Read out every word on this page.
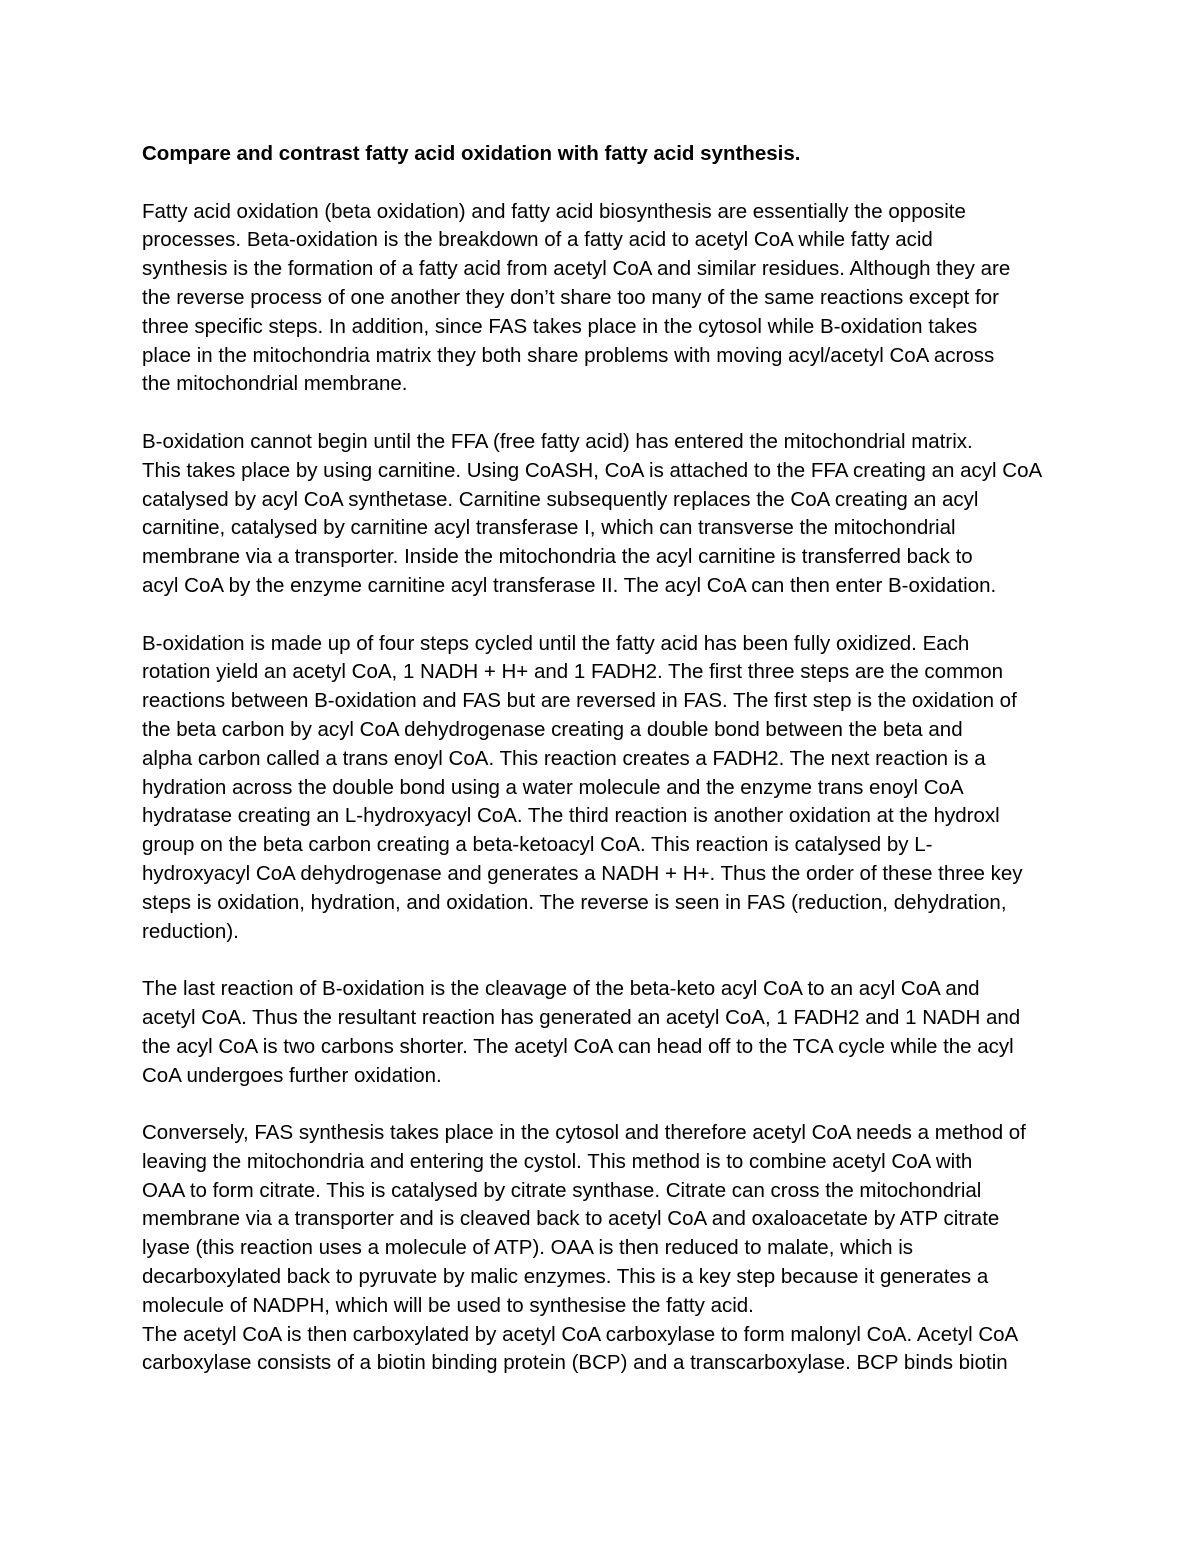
Compare and contrast fatty acid oxidation with fatty acid synthesis.
Fatty acid oxidation (beta oxidation) and fatty acid biosynthesis are essentially the opposite
processes. Beta-oxidation is the breakdown of a fatty acid to acetyl CoA while fatty acid
synthesis is the formation of a fatty acid from acetyl CoA and similar residues. Although they are
the reverse process of one another they don’t share too many of the same reactions except for
three specific steps. In addition, since FAS takes place in the cytosol while B-oxidation takes
place in the mitochondria matrix they both share problems with moving acyl/acetyl CoA across
the mitochondrial membrane.
B-oxidation cannot begin until the FFA (free fatty acid) has entered the mitochondrial matrix.
This takes place by using carnitine. Using CoASH, CoA is attached to the FFA creating an acyl CoA
catalysed by acyl CoA synthetase. Carnitine subsequently replaces the CoA creating an acyl
carnitine, catalysed by carnitine acyl transferase I, which can transverse the mitochondrial
membrane via a transporter. Inside the mitochondria the acyl carnitine is transferred back to
acyl CoA by the enzyme carnitine acyl transferase II. The acyl CoA can then enter B-oxidation.
B-oxidation is made up of four steps cycled until the fatty acid has been fully oxidized. Each
rotation yield an acetyl CoA, 1 NADH + H+ and 1 FADH2. The first three steps are the common
reactions between B-oxidation and FAS but are reversed in FAS. The first step is the oxidation of
the beta carbon by acyl CoA dehydrogenase creating a double bond between the beta and
alpha carbon called a trans enoyl CoA. This reaction creates a FADH2. The next reaction is a
hydration across the double bond using a water molecule and the enzyme trans enoyl CoA
hydratase creating an L-hydroxyacyl CoA. The third reaction is another oxidation at the hydroxl
group on the beta carbon creating a beta-ketoacyl CoA. This reaction is catalysed by L-
hydroxyacyl CoA dehydrogenase and generates a NADH + H+. Thus the order of these three key
steps is oxidation, hydration, and oxidation. The reverse is seen in FAS (reduction, dehydration,
reduction).
The last reaction of B-oxidation is the cleavage of the beta-keto acyl CoA to an acyl CoA and
acetyl CoA. Thus the resultant reaction has generated an acetyl CoA, 1 FADH2 and 1 NADH and
the acyl CoA is two carbons shorter. The acetyl CoA can head off to the TCA cycle while the acyl
CoA undergoes further oxidation.
Conversely, FAS synthesis takes place in the cytosol and therefore acetyl CoA needs a method of
leaving the mitochondria and entering the cystol. This method is to combine acetyl CoA with
OAA to form citrate. This is catalysed by citrate synthase. Citrate can cross the mitochondrial
membrane via a transporter and is cleaved back to acetyl CoA and oxaloacetate by ATP citrate
lyase (this reaction uses a molecule of ATP). OAA is then reduced to malate, which is
decarboxylated back to pyruvate by malic enzymes. This is a key step because it generates a
molecule of NADPH, which will be used to synthesise the fatty acid.
The acetyl CoA is then carboxylated by acetyl CoA carboxylase to form malonyl CoA. Acetyl CoA
carboxylase consists of a biotin binding protein (BCP) and a transcarboxylase. BCP binds biotin
